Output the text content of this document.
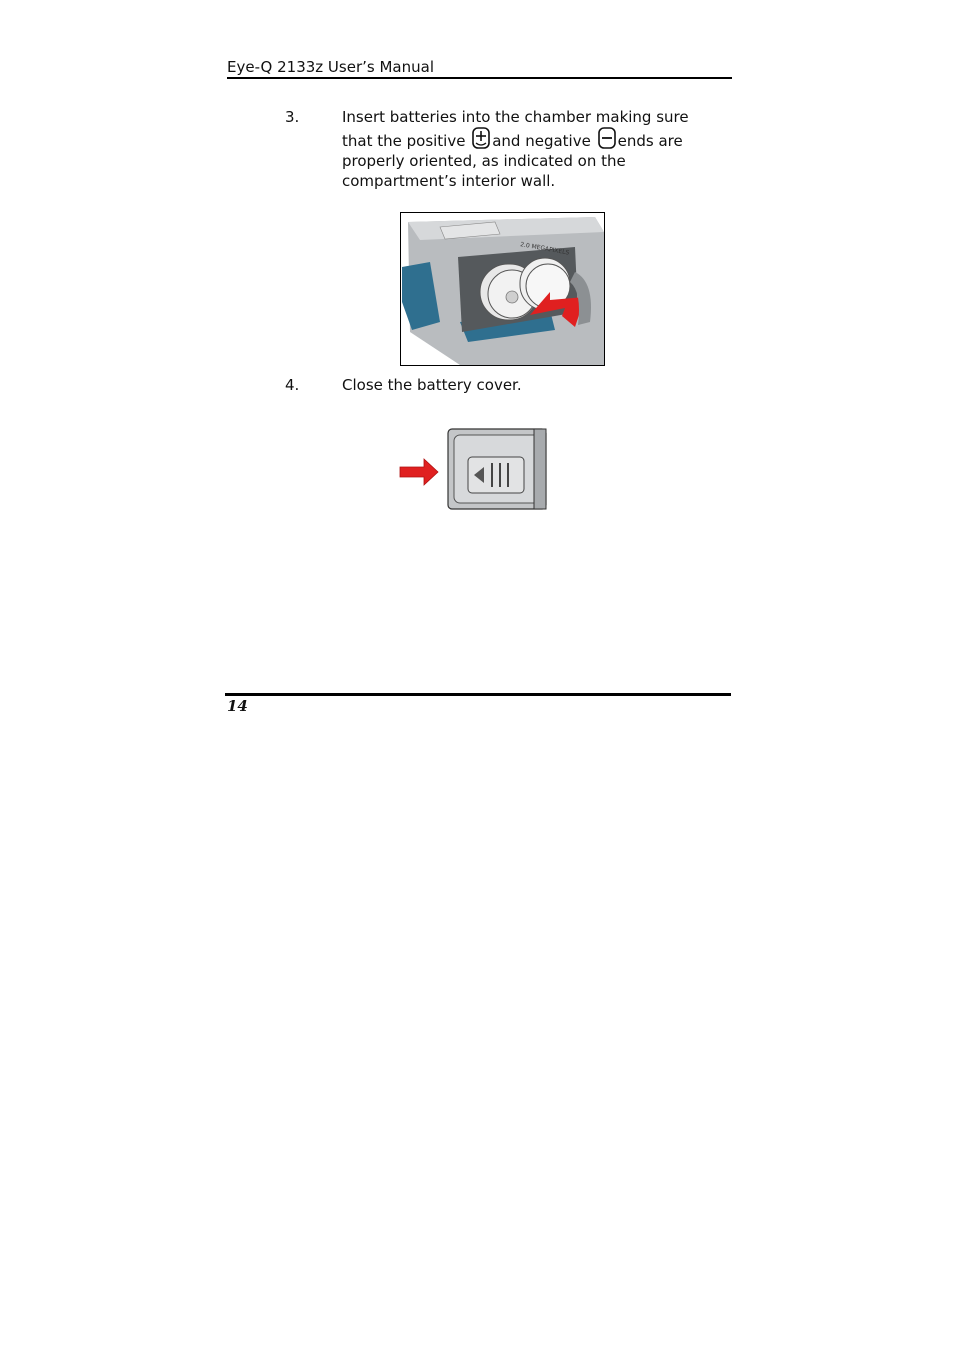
Eye-Q 2133z User’s Manual
3.	Insert batteries into the chamber making sure that the positive and negative ends are properly oriented, as indicated on the compartment’s interior wall.
2.0 MEGAPIXELS
4.	Close the battery cover.
14
